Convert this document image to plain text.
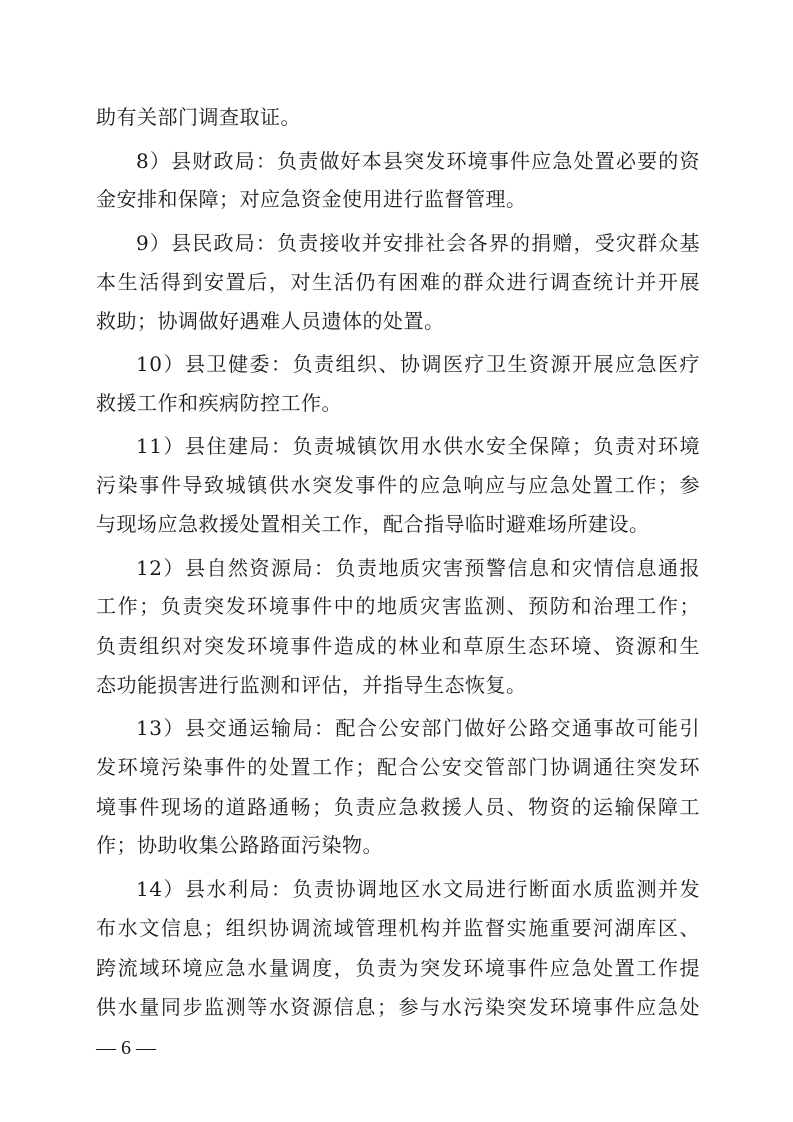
助有关部门调查取证。
8）县财政局：负责做好本县突发环境事件应急处置必要的资
金安排和保障；对应急资金使用进行监督管理。
9）县民政局：负责接收并安排社会各界的捐赠，受灾群众基
本生活得到安置后，对生活仍有困难的群众进行调查统计并开展
救助；协调做好遇难人员遗体的处置。
10）县卫健委：负责组织、协调医疗卫生资源开展应急医疗
救援工作和疾病防控工作。
11）县住建局：负责城镇饮用水供水安全保障；负责对环境
污染事件导致城镇供水突发事件的应急响应与应急处置工作；参
与现场应急救援处置相关工作，配合指导临时避难场所建设。
12）县自然资源局：负责地质灾害预警信息和灾情信息通报
工作；负责突发环境事件中的地质灾害监测、预防和治理工作；
负责组织对突发环境事件造成的林业和草原生态环境、资源和生
态功能损害进行监测和评估，并指导生态恢复。
13）县交通运输局：配合公安部门做好公路交通事故可能引
发环境污染事件的处置工作；配合公安交管部门协调通往突发环
境事件现场的道路通畅；负责应急救援人员、物资的运输保障工
作；协助收集公路路面污染物。
14）县水利局：负责协调地区水文局进行断面水质监测并发
布水文信息；组织协调流域管理机构并监督实施重要河湖库区、
跨流域环境应急水量调度，负责为突发环境事件应急处置工作提
供水量同步监测等水资源信息；参与水污染突发环境事件应急处
— 6 —
